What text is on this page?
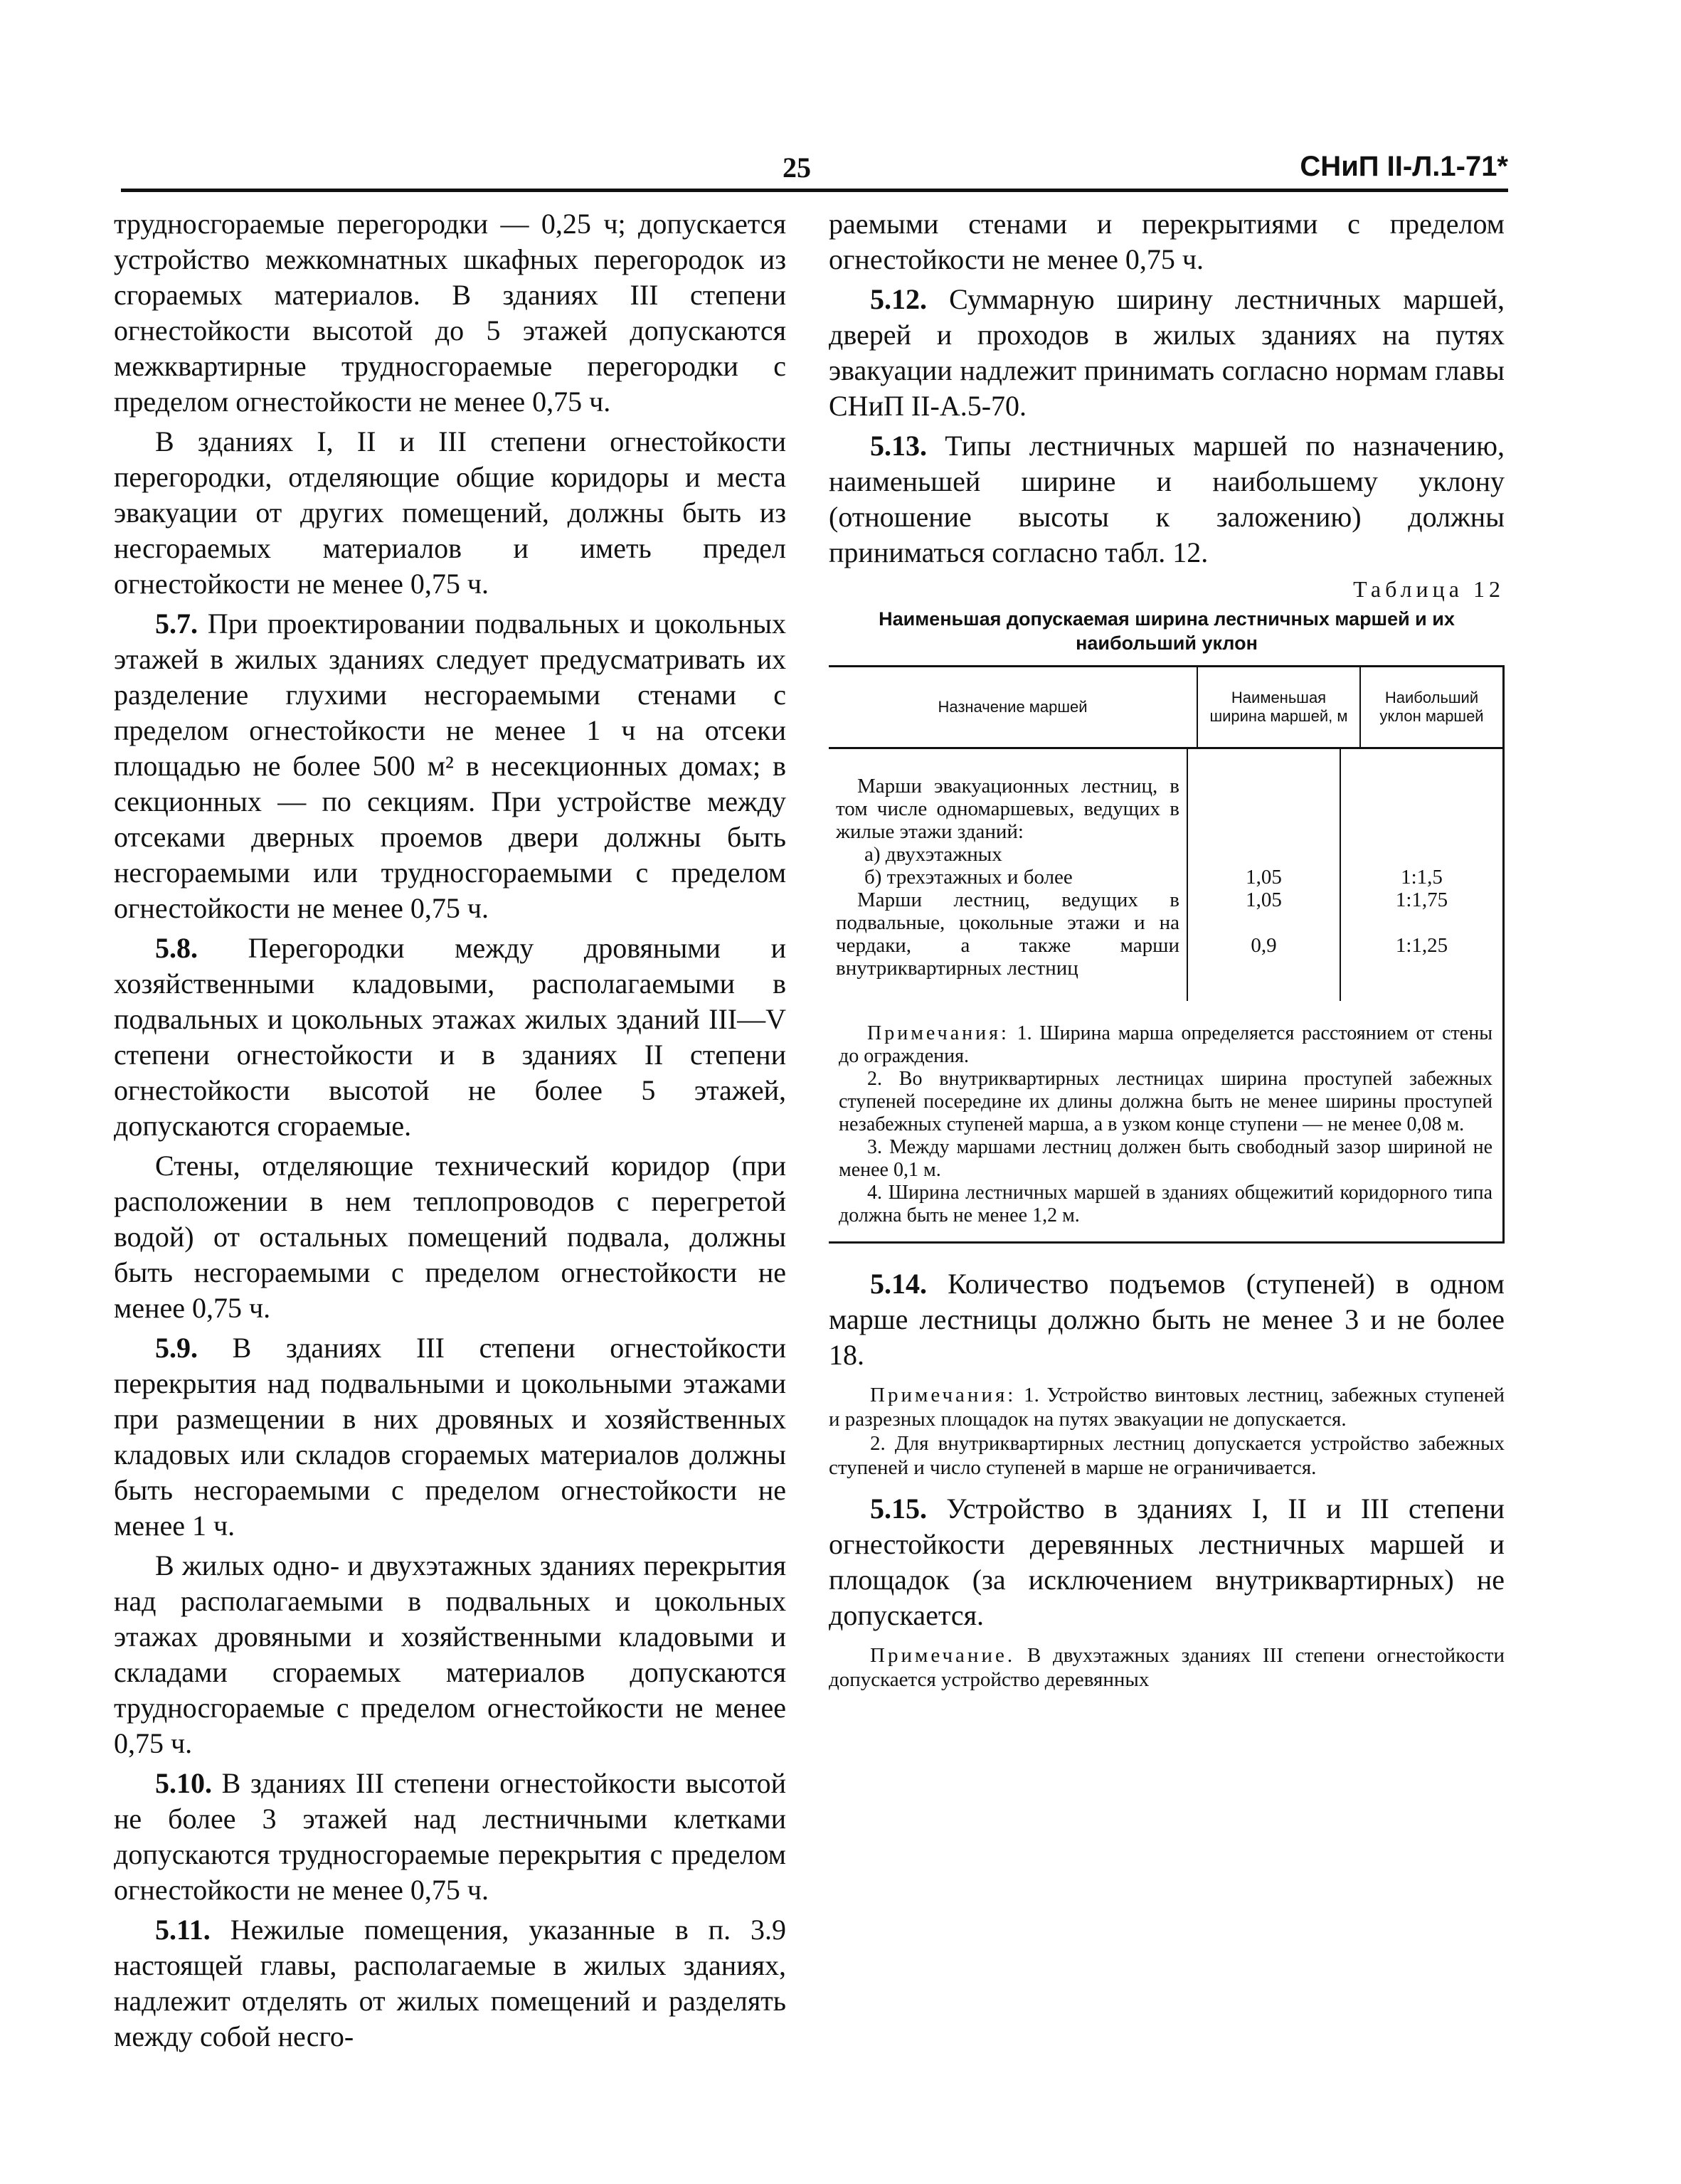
25	СНиП II-Л.1-71*

трудносгораемые перегородки — 0,25 ч; допускается устройство межкомнатных шкафных перегородок из сгораемых материалов. В зданиях III степени огнестойкости высотой до 5 этажей допускаются межквартирные трудносгораемые перегородки с пределом огнестойкости не менее 0,75 ч.

В зданиях I, II и III степени огнестойкости перегородки, отделяющие общие коридоры и места эвакуации от других помещений, должны быть из несгораемых материалов и иметь предел огнестойкости не менее 0,75 ч.

5.7. При проектировании подвальных и цокольных этажей в жилых зданиях следует предусматривать их разделение глухими несгораемыми стенами с пределом огнестойкости не менее 1 ч на отсеки площадью не более 500 м² в несекционных домах; в секционных — по секциям. При устройстве между отсеками дверных проемов двери должны быть несгораемыми или трудносгораемыми с пределом огнестойкости не менее 0,75 ч.

5.8. Перегородки между дровяными и хозяйственными кладовыми, располагаемыми в подвальных и цокольных этажах жилых зданий III—V степени огнестойкости и в зданиях II степени огнестойкости высотой не более 5 этажей, допускаются сгораемые.

Стены, отделяющие технический коридор (при расположении в нем теплопроводов с перегретой водой) от остальных помещений подвала, должны быть несгораемыми с пределом огнестойкости не менее 0,75 ч.

5.9. В зданиях III степени огнестойкости перекрытия над подвальными и цокольными этажами при размещении в них дровяных и хозяйственных кладовых или складов сгораемых материалов должны быть несгораемыми с пределом огнестойкости не менее 1 ч.

В жилых одно- и двухэтажных зданиях перекрытия над располагаемыми в подвальных и цокольных этажах дровяными и хозяйственными кладовыми и складами сгораемых материалов допускаются трудносгораемые с пределом огнестойкости не менее 0,75 ч.

5.10. В зданиях III степени огнестойкости высотой не более 3 этажей над лестничными клетками допускаются трудносгораемые перекрытия с пределом огнестойкости не менее 0,75 ч.

5.11. Нежилые помещения, указанные в п. 3.9 настоящей главы, располагаемые в жилых зданиях, надлежит отделять от жилых помещений и разделять между собой несго-

раемыми стенами и перекрытиями с пределом огнестойкости не менее 0,75 ч.

5.12. Суммарную ширину лестничных маршей, дверей и проходов в жилых зданиях на путях эвакуации надлежит принимать согласно нормам главы СНиП II-А.5-70.

5.13. Типы лестничных маршей по назначению, наименьшей ширине и наибольшему уклону (отношение высоты к заложению) должны приниматься согласно табл. 12.

Таблица 12
Наименьшая допускаемая ширина лестничных маршей и их наибольший уклон
Назначение маршей
Наименьшая ширина маршей, м
Наибольший уклон маршей
Марши эвакуационных лестниц, в том числе одномаршевых, ведущих в жилые этажи зданий:
а) двухэтажных
б) трехэтажных и более
Марши лестниц, ведущих в подвальные, цокольные этажи и на чердаки, а также марши внутриквартирных лестниц
1,05
1,05
0,9
1:1,5
1:1,75
1:1,25
Примечания: 1. Ширина марша определяется расстоянием от стены до ограждения.
2. Во внутриквартирных лестницах ширина проступей забежных ступеней посередине их длины должна быть не менее ширины проступей незабежных ступеней марша, а в узком конце ступени — не менее 0,08 м.
3. Между маршами лестниц должен быть свободный зазор шириной не менее 0,1 м.
4. Ширина лестничных маршей в зданиях общежитий коридорного типа должна быть не менее 1,2 м.

5.14. Количество подъемов (ступеней) в одном марше лестницы должно быть не менее 3 и не более 18.

Примечания: 1. Устройство винтовых лестниц, забежных ступеней и разрезных площадок на путях эвакуации не допускается.
2. Для внутриквартирных лестниц допускается устройство забежных ступеней и число ступеней в марше не ограничивается.

5.15. Устройство в зданиях I, II и III степени огнестойкости деревянных лестничных маршей и площадок (за исключением внутриквартирных) не допускается.

Примечание. В двухэтажных зданиях III степени огнестойкости допускается устройство деревянных
